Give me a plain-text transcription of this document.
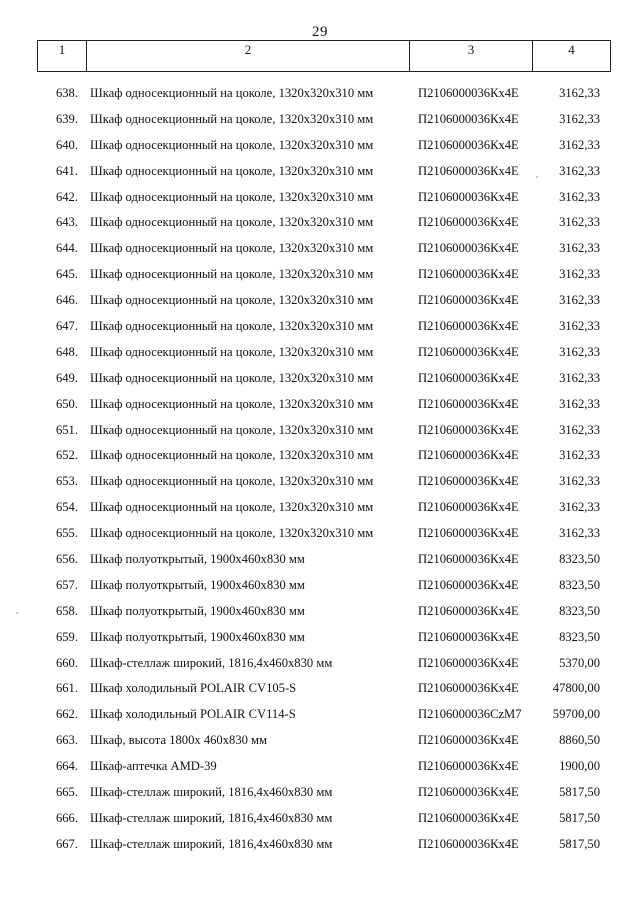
29
1	2	3	4
638. Шкаф односекционный на цоколе, 1320х320х310 мм	П2106000036Кх4Е	3162,33
639. Шкаф односекционный на цоколе, 1320х320х310 мм	П2106000036Кх4Е	3162,33
640. Шкаф односекционный на цоколе, 1320х320х310 мм	П2106000036Кх4Е	3162,33
641. Шкаф односекционный на цоколе, 1320х320х310 мм	П2106000036Кх4Е	3162,33
642. Шкаф односекционный на цоколе, 1320х320х310 мм	П2106000036Кх4Е	3162,33
643. Шкаф односекционный на цоколе, 1320х320х310 мм	П2106000036Кх4Е	3162,33
644. Шкаф односекционный на цоколе, 1320х320х310 мм	П2106000036Кх4Е	3162,33
645. Шкаф односекционный на цоколе, 1320х320х310 мм	П2106000036Кх4Е	3162,33
646. Шкаф односекционный на цоколе, 1320х320х310 мм	П2106000036Кх4Е	3162,33
647. Шкаф односекционный на цоколе, 1320х320х310 мм	П2106000036Кх4Е	3162,33
648. Шкаф односекционный на цоколе, 1320х320х310 мм	П2106000036Кх4Е	3162,33
649. Шкаф односекционный на цоколе, 1320х320х310 мм	П2106000036Кх4Е	3162,33
650. Шкаф односекционный на цоколе, 1320х320х310 мм	П2106000036Кх4Е	3162,33
651. Шкаф односекционный на цоколе, 1320х320х310 мм	П2106000036Кх4Е	3162,33
652. Шкаф односекционный на цоколе, 1320х320х310 мм	П2106000036Кх4Е	3162,33
653. Шкаф односекционный на цоколе, 1320х320х310 мм	П2106000036Кх4Е	3162,33
654. Шкаф односекционный на цоколе, 1320х320х310 мм	П2106000036Кх4Е	3162,33
655. Шкаф односекционный на цоколе, 1320х320х310 мм	П2106000036Кх4Е	3162,33
656. Шкаф полуоткрытый, 1900х460х830 мм	П2106000036Кх4Е	8323,50
657. Шкаф полуоткрытый, 1900х460х830 мм	П2106000036Кх4Е	8323,50
658. Шкаф полуоткрытый, 1900х460х830 мм	П2106000036Кх4Е	8323,50
659. Шкаф полуоткрытый, 1900х460х830 мм	П2106000036Кх4Е	8323,50
660. Шкаф-стеллаж широкий, 1816,4х460х830 мм	П2106000036Кх4Е	5370,00
661. Шкаф холодильный POLAIR CV105-S	П2106000036Кх4Е	47800,00
662. Шкаф холодильный POLAIR CV114-S	П2106000036CzM7	59700,00
663. Шкаф, высота 1800х 460х830 мм	П2106000036Кх4Е	8860,50
664. Шкаф-аптечка AMD-39	П2106000036Кх4Е	1900,00
665. Шкаф-стеллаж широкий, 1816,4х460х830 мм	П2106000036Кх4Е	5817,50
666. Шкаф-стеллаж широкий, 1816,4х460х830 мм	П2106000036Кх4Е	5817,50
667. Шкаф-стеллаж широкий, 1816,4х460х830 мм	П2106000036Кх4Е	5817,50
